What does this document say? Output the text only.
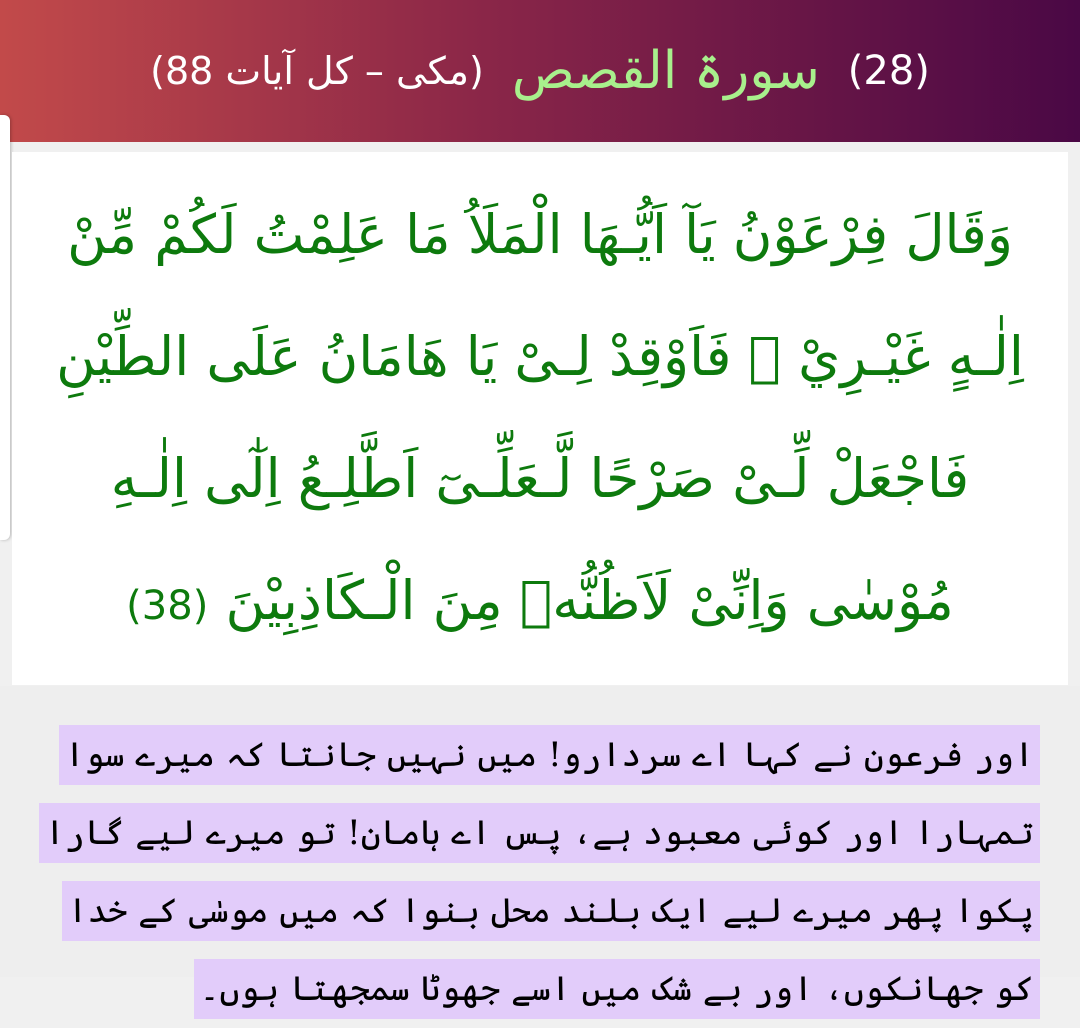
(28)
سورۃ القصص
(مکی – کل آیات 88)

وَقَالَ فِرْعَوْنُ يَآ اَيُّـهَا الْمَلَاُ مَا عَلِمْتُ لَكُمْ مِّنْ اِلٰـهٍ غَيْـرِيْ ۚ فَاَوْقِدْ لِـىْ يَا هَامَانُ عَلَى الطِّيْنِ فَاجْعَلْ لِّـىْ صَرْحًا لَّـعَلِّـىٓ اَطَّلِـعُ اِلٰٓى اِلٰـهِ مُوْسٰى وَاِنِّىْ لَاَظُنُّهٝ مِنَ الْـكَاذِبِيْنَ (38)

اور فرعون نے کہا اے سردارو! میں نہیں جانتا کہ میرے سوا تمہارا اور کوئی معبود ہے، پس اے ہامان! تو میرے لیے گارا پکوا پھر میرے لیے ایک بلند محل بنوا کہ میں موسٰی کے خدا کو جھانکوں، اور بے شک میں اسے جھوٹا سمجھتا ہوں۔
